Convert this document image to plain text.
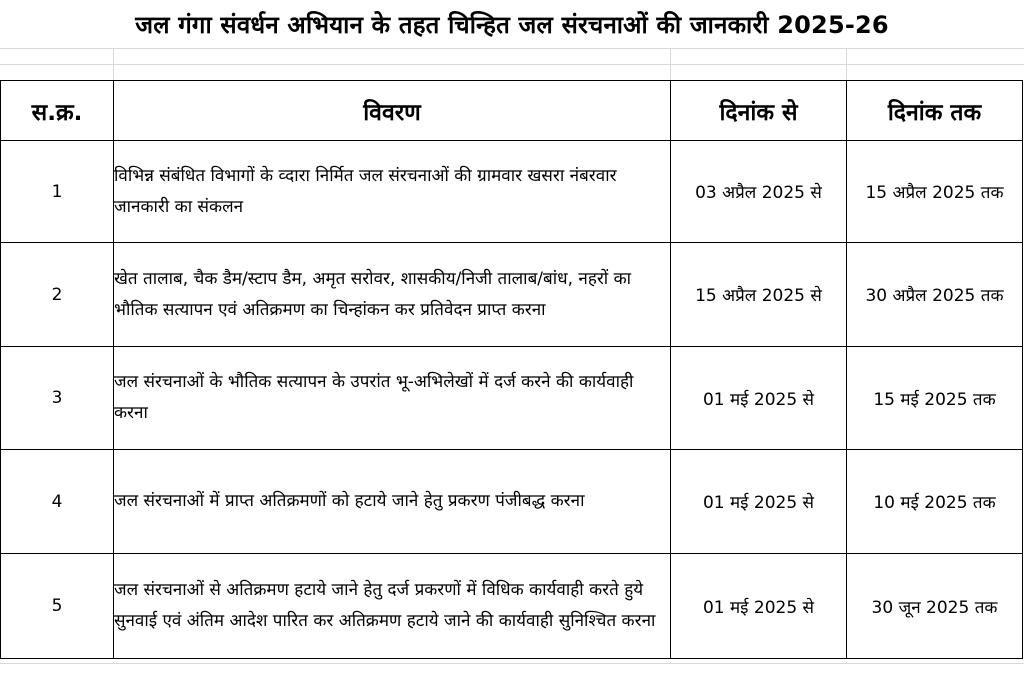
जल गंगा संवर्धन अभियान के तहत चिन्हित जल संरचनाओं की जानकारी 2025-26
स.क्र.	विवरण	दिनांक से	दिनांक तक
1	विभिन्न संबंधित विभागों के व्दारा निर्मित जल संरचनाओं की ग्रामवार खसरा नंबरवार जानकारी का संकलन	03 अप्रैल 2025 से	15 अप्रैल 2025 तक
2	खेत तालाब, चैक डैम/स्टाप डैम, अमृत सरोवर, शासकीय/निजी तालाब/बांध, नहरों का भौतिक सत्यापन एवं अतिक्रमण का चिन्हांकन कर प्रतिवेदन प्राप्त करना	15 अप्रैल 2025 से	30 अप्रैल 2025 तक
3	जल संरचनाओं के भौतिक सत्यापन के उपरांत भू-अभिलेखों में दर्ज करने की कार्यवाही करना	01 मई 2025 से	15 मई 2025 तक
4	जल संरचनाओं में प्राप्त अतिक्रमणों को हटाये जाने हेतु प्रकरण पंजीबद्ध करना	01 मई 2025 से	10 मई 2025 तक
5	जल संरचनाओं से अतिक्रमण हटाये जाने हेतु दर्ज प्रकरणों में विधिक कार्यवाही करते हुये सुनवाई एवं अंतिम आदेश पारित कर अतिक्रमण हटाये जाने की कार्यवाही सुनिश्चित करना	01 मई 2025 से	30 जून 2025 तक
